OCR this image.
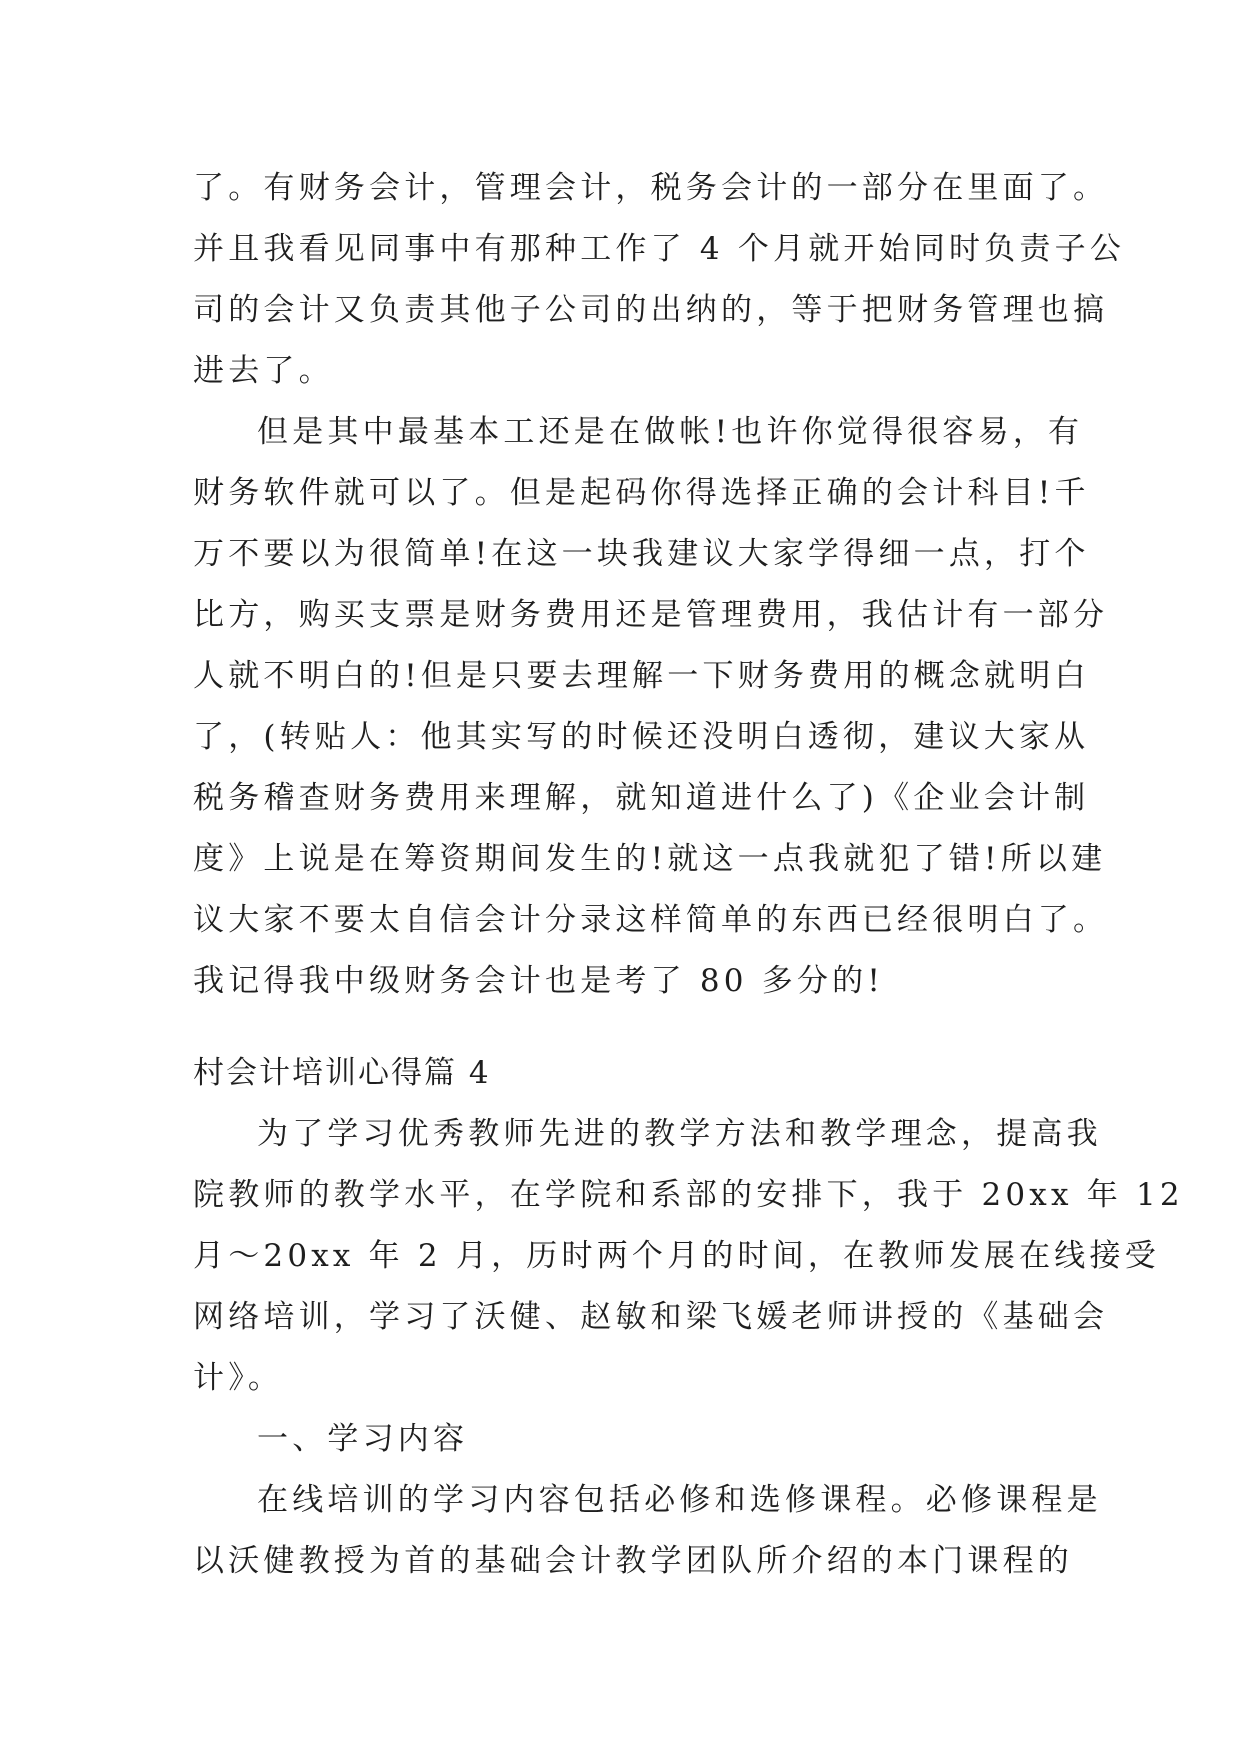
了。有财务会计，管理会计，税务会计的一部分在里面了。
并且我看见同事中有那种工作了 4 个月就开始同时负责子公
司的会计又负责其他子公司的出纳的，等于把财务管理也搞
进去了。
但是其中最基本工还是在做帐!也许你觉得很容易，有
财务软件就可以了。但是起码你得选择正确的会计科目!千
万不要以为很简单!在这一块我建议大家学得细一点，打个
比方，购买支票是财务费用还是管理费用，我估计有一部分
人就不明白的!但是只要去理解一下财务费用的概念就明白
了，(转贴人：他其实写的时候还没明白透彻，建议大家从
税务稽查财务费用来理解，就知道进什么了)《企业会计制
度》上说是在筹资期间发生的!就这一点我就犯了错!所以建
议大家不要太自信会计分录这样简单的东西已经很明白了。
我记得我中级财务会计也是考了 80 多分的!
村会计培训心得篇 4
为了学习优秀教师先进的教学方法和教学理念，提高我
院教师的教学水平，在学院和系部的安排下，我于 20xx 年 12
月～20xx 年 2 月，历时两个月的时间，在教师发展在线接受
网络培训，学习了沃健、赵敏和梁飞媛老师讲授的《基础会
计》。
一、学习内容
在线培训的学习内容包括必修和选修课程。必修课程是
以沃健教授为首的基础会计教学团队所介绍的本门课程的
